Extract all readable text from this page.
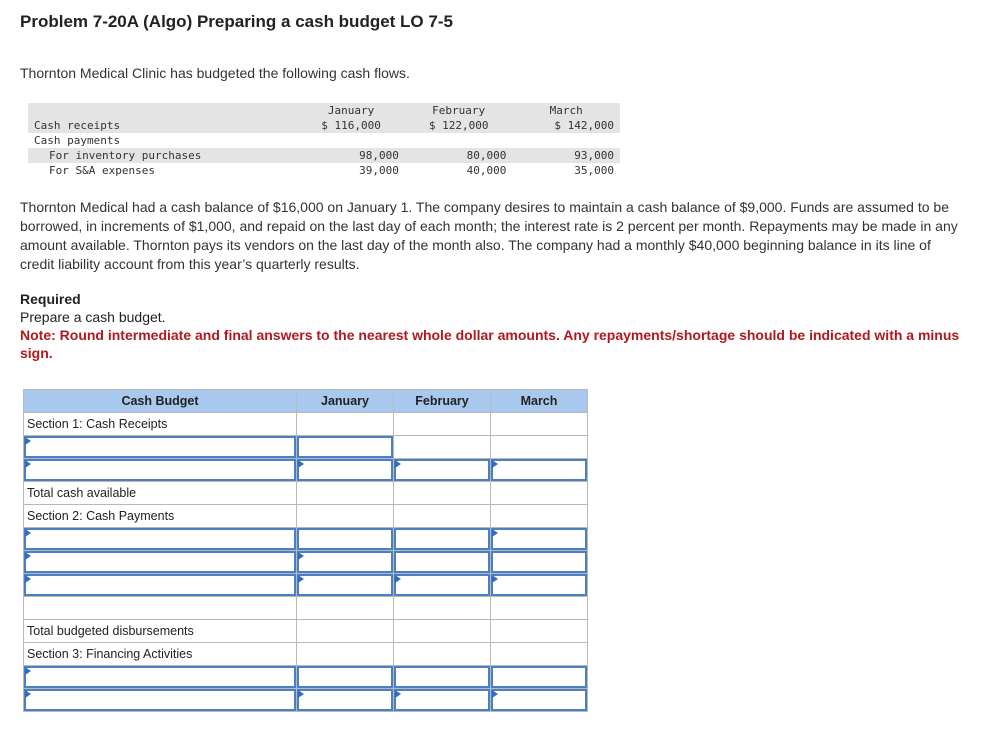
Problem 7-20A (Algo) Preparing a cash budget LO 7-5

Thornton Medical Clinic has budgeted the following cash flows.

	January	February	March
Cash receipts	$ 116,000	$ 122,000	$ 142,000
Cash payments			
For inventory purchases	98,000	80,000	93,000
For S&A expenses	39,000	40,000	35,000

Thornton Medical had a cash balance of $16,000 on January 1. The company desires to maintain a cash balance of $9,000. Funds are assumed to be borrowed, in increments of $1,000, and repaid on the last day of each month; the interest rate is 2 percent per month. Repayments may be made in any amount available. Thornton pays its vendors on the last day of the month also. The company had a monthly $40,000 beginning balance in its line of credit liability account from this year’s quarterly results.

Required
Prepare a cash budget.
Note: Round intermediate and final answers to the nearest whole dollar amounts. Any repayments/shortage should be indicated with a minus sign.
Cash Budget	January	February	March
Section 1: Cash Receipts			

Total cash available			
Section 2: Cash Payments			

Total budgeted disbursements			
Section 3: Financing Activities			
